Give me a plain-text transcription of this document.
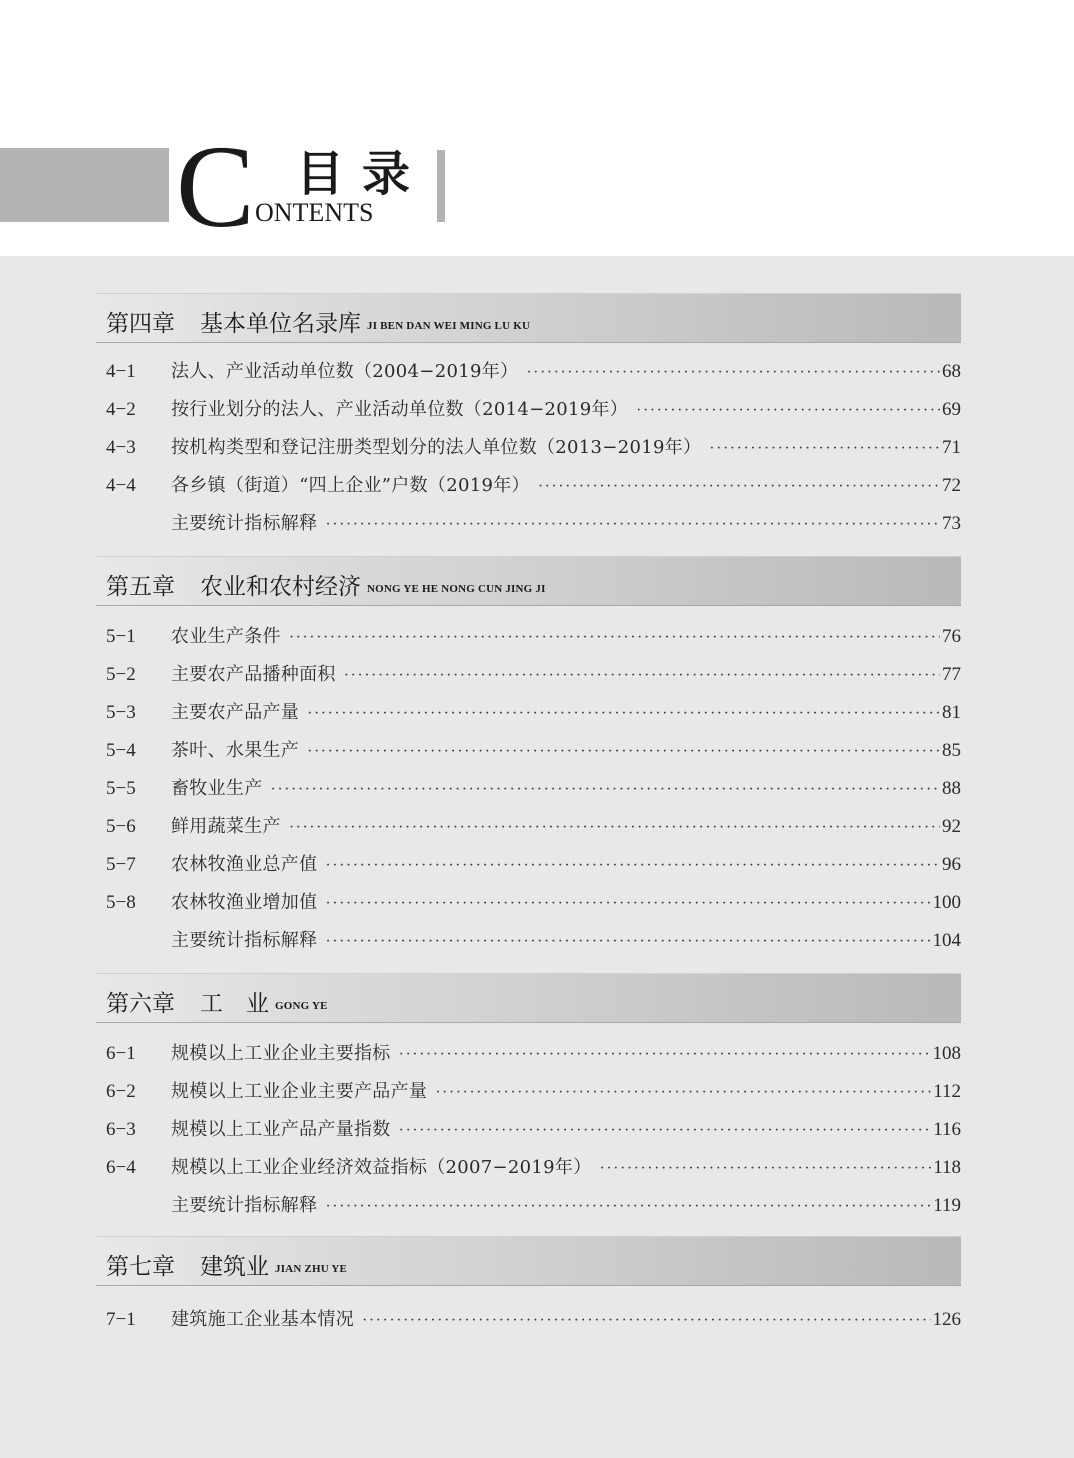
C 目录
ONTENTS
第四章 基本单位名录库 JI BEN DAN WEI MING LU KU
4−1	法人、产业活动单位数（2004−2019年） ·····	68
4−2	按行业划分的法人、产业活动单位数（2014−2019年） ·····	69
4−3	按机构类型和登记注册类型划分的法人单位数（2013−2019年） ·····	71
4−4	各乡镇（街道）“四上企业”户数（2019年） ·····	72
主要统计指标解释 ·····	73
第五章 农业和农村经济 NONG YE HE NONG CUN JING JI
5−1	农业生产条件 ·····	76
5−2	主要农产品播种面积 ·····	77
5−3	主要农产品产量 ·····	81
5−4	茶叶、水果生产 ·····	85
5−5	畜牧业生产 ·····	88
5−6	鲜用蔬菜生产 ·····	92
5−7	农林牧渔业总产值 ·····	96
5−8	农林牧渔业增加值 ·····	100
主要统计指标解释 ·····	104
第六章 工　业 GONG YE
6−1	规模以上工业企业主要指标 ·····	108
6−2	规模以上工业企业主要产品产量 ·····	112
6−3	规模以上工业产品产量指数 ·····	116
6−4	规模以上工业企业经济效益指标（2007−2019年） ·····	118
主要统计指标解释 ·····	119
第七章 建筑业 JIAN ZHU YE
7−1	建筑施工企业基本情况 ·····	126
